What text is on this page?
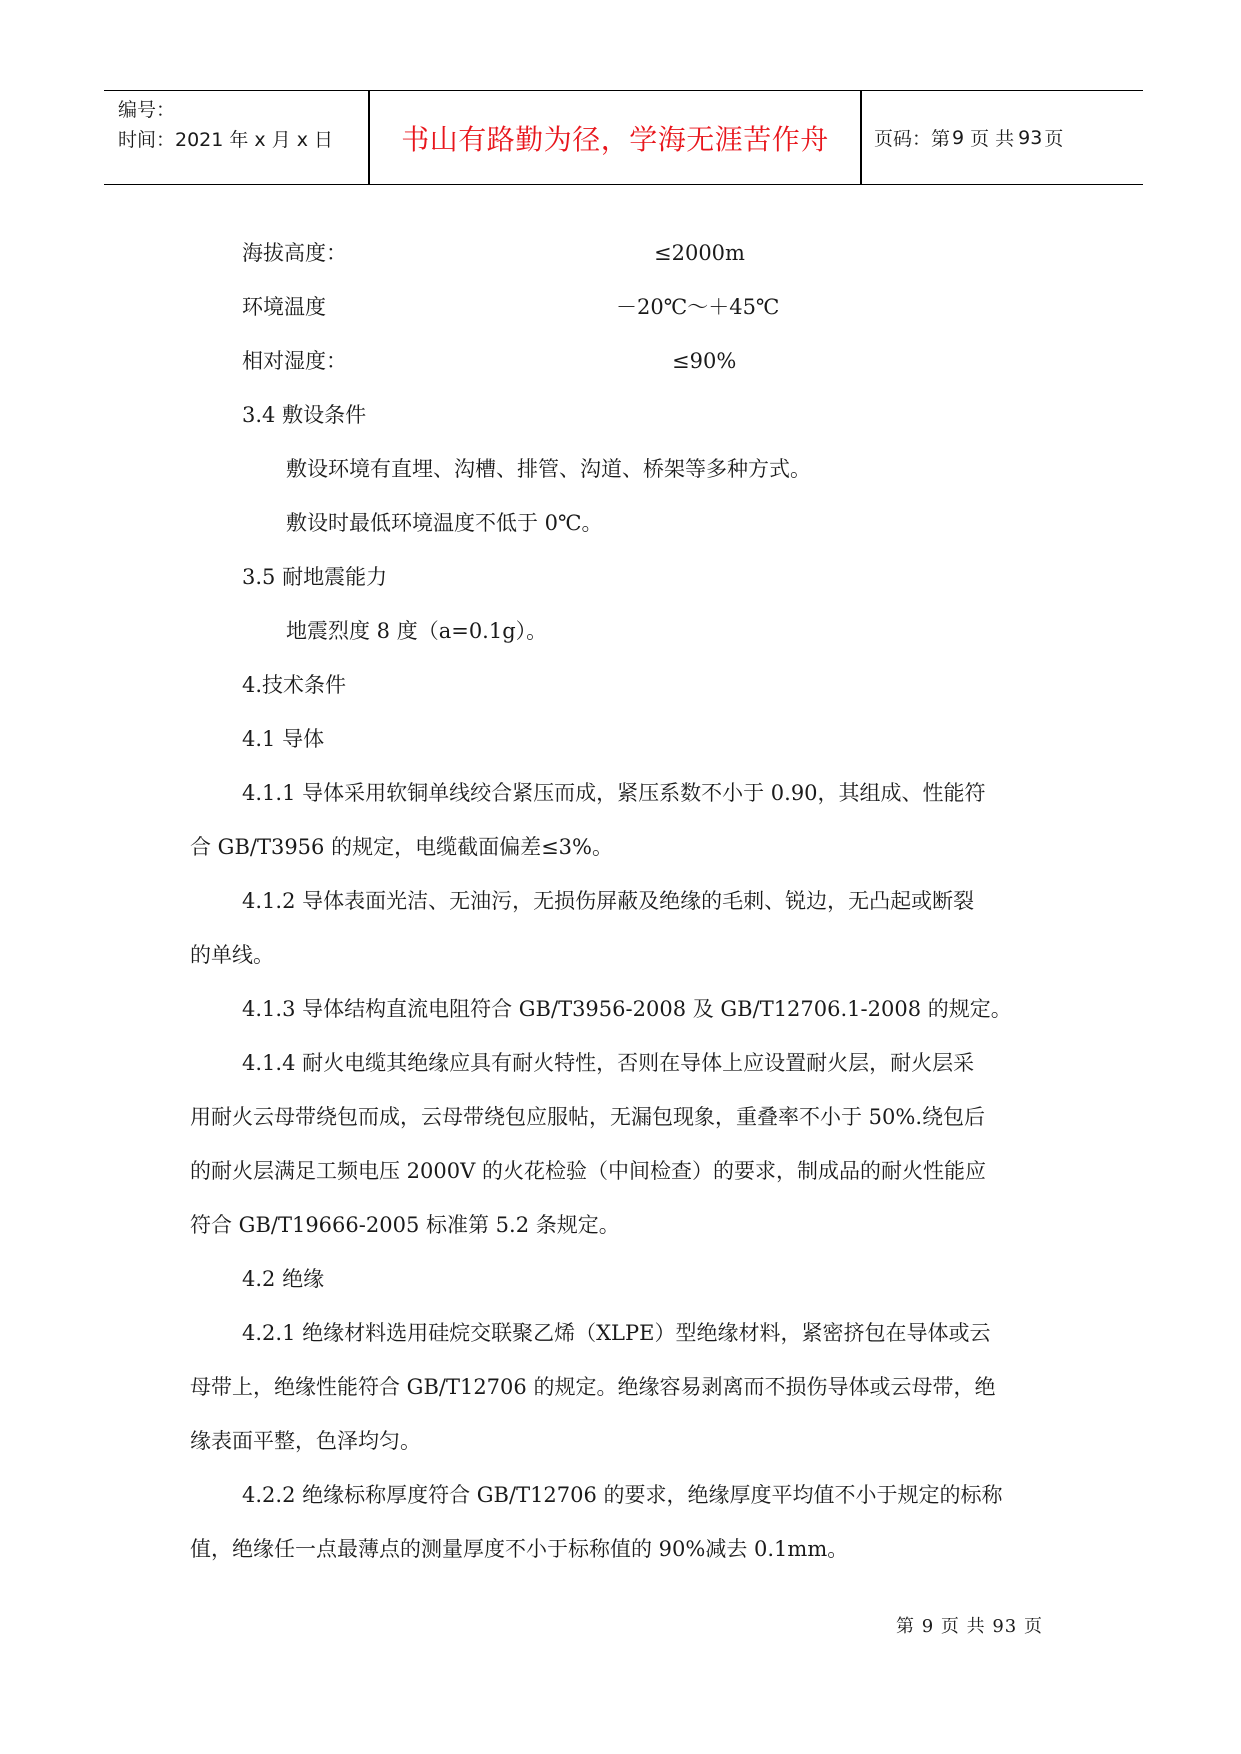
编号：
时间：2021 年 x 月 x 日	书山有路勤为径，学海无涯苦作舟	页码：第 9 页 共 93 页
海拔高度：	≤2000m
环境温度	－20℃～＋45℃
相对湿度：	≤90%

3.4 敷设条件

敷设环境有直埋、沟槽、排管、沟道、桥架等多种方式。

敷设时最低环境温度不低于 0℃。

3.5 耐地震能力

地震烈度 8 度（a=0.1g）。

4.技术条件

4.1 导体

4.1.1 导体采用软铜单线绞合紧压而成，紧压系数不小于 0.90，其组成、性能符

合 GB/T3956 的规定，电缆截面偏差≤3%。

4.1.2 导体表面光洁、无油污，无损伤屏蔽及绝缘的毛刺、锐边，无凸起或断裂

的单线。

4.1.3 导体结构直流电阻符合 GB/T3956-2008 及 GB/T12706.1-2008 的规定。

4.1.4 耐火电缆其绝缘应具有耐火特性，否则在导体上应设置耐火层，耐火层采

用耐火云母带绕包而成，云母带绕包应服帖，无漏包现象，重叠率不小于 50%.绕包后

的耐火层满足工频电压 2000V 的火花检验（中间检查）的要求，制成品的耐火性能应

符合 GB/T19666-2005 标准第 5.2 条规定。

4.2 绝缘

4.2.1 绝缘材料选用硅烷交联聚乙烯（XLPE）型绝缘材料，紧密挤包在导体或云

母带上，绝缘性能符合 GB/T12706 的规定。绝缘容易剥离而不损伤导体或云母带，绝

缘表面平整，色泽均匀。

4.2.2 绝缘标称厚度符合 GB/T12706 的要求，绝缘厚度平均值不小于规定的标称

值，绝缘任一点最薄点的测量厚度不小于标称值的 90%减去 0.1mm。

第 9 页 共 93 页
